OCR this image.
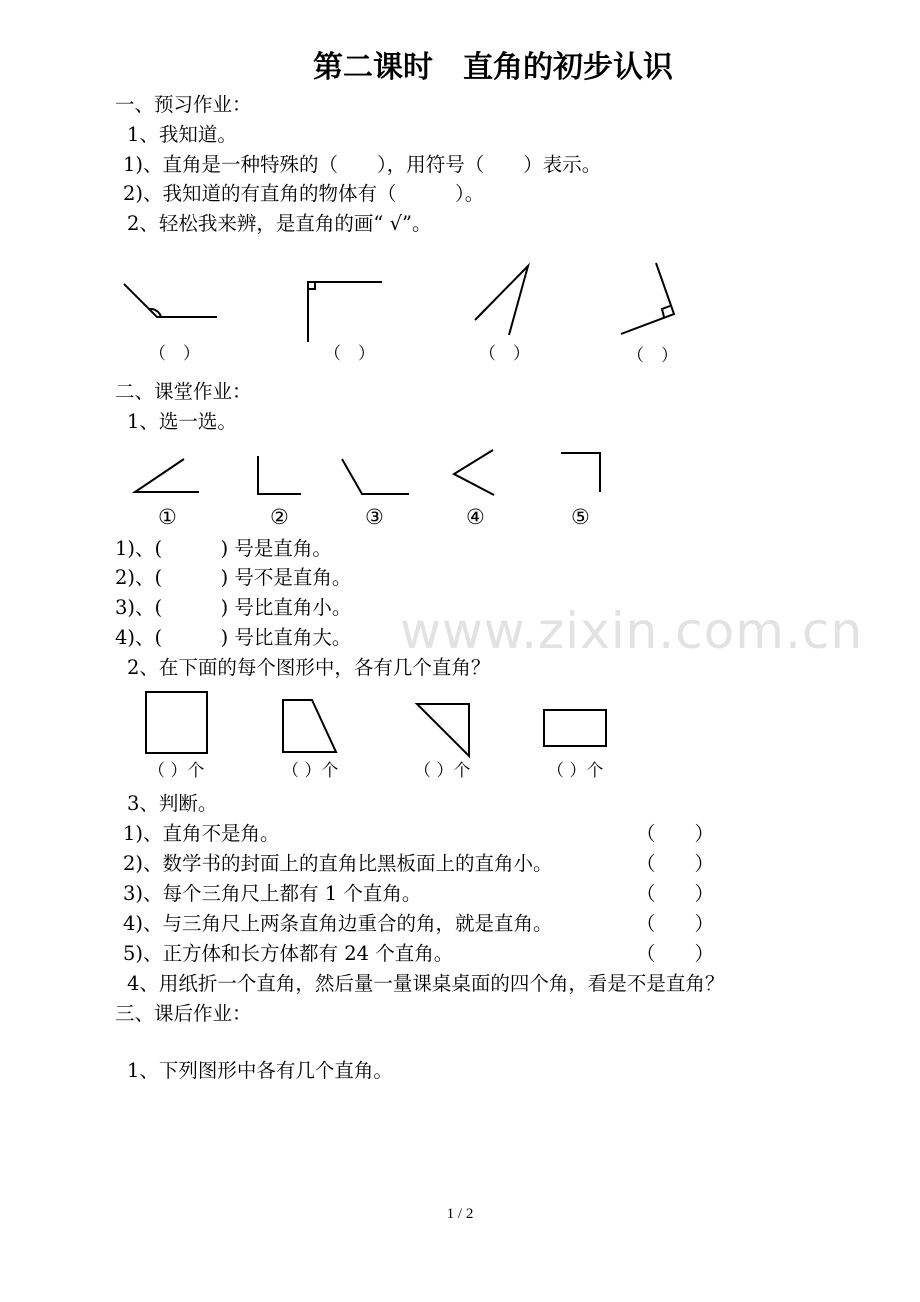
www.zixin.com.cn
第二课时　直角的初步认识
一、预习作业：
1、我知道。
1)、直角是一种特殊的（　　），用符号（　　）表示。
2)、我知道的有直角的物体有（　　　）。
2、轻松我来辨，是直角的画“ √”。
（　）	（　）	（　）	（　）
二、课堂作业：
1、选一选。
①	②	③	④	⑤
1)、(　　　) 号是直角。
2)、(　　　) 号不是直角。
3)、(　　　) 号比直角小。
4)、(　　　) 号比直角大。
2、在下面的每个图形中，各有几个直角？
（ ）个	（ ）个	（ ）个	（ ）个
3、判断。
1)、直角不是角。	（　　）
2)、数学书的封面上的直角比黑板面上的直角小。	（　　）
3)、每个三角尺上都有 1 个直角。	（　　）
4)、与三角尺上两条直角边重合的角，就是直角。	（　　）
5)、正方体和长方体都有 24 个直角。	（　　）
4、用纸折一个直角，然后量一量课桌桌面的四个角，看是不是直角？
三、课后作业：
1、下列图形中各有几个直角。
1 / 2
